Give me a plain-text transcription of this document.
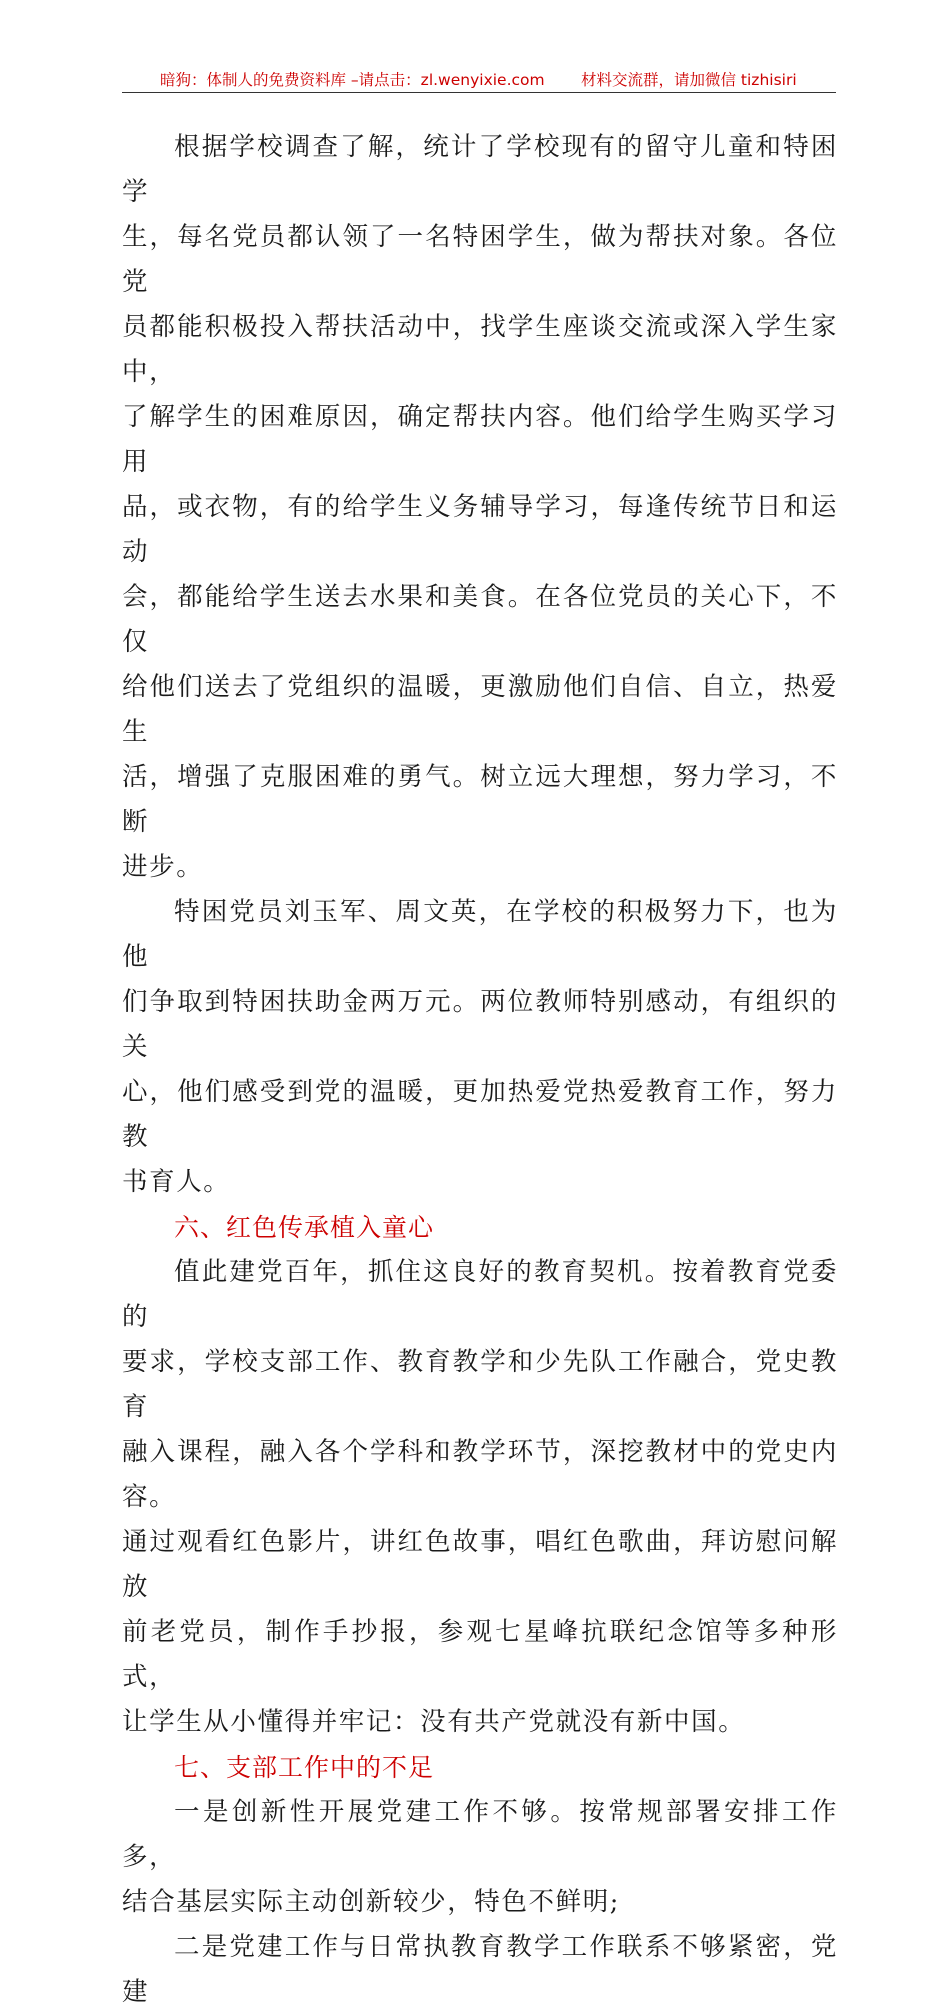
暗狗：体制人的免费资料库 –请点击：zl.wenyixie.com 材料交流群，请加微信 tizhisiri

根据学校调查了解，统计了学校现有的留守儿童和特困学
生，每名党员都认领了一名特困学生，做为帮扶对象。各位党
员都能积极投入帮扶活动中，找学生座谈交流或深入学生家中，
了解学生的困难原因，确定帮扶内容。他们给学生购买学习用
品，或衣物，有的给学生义务辅导学习，每逢传统节日和运动
会，都能给学生送去水果和美食。在各位党员的关心下，不仅
给他们送去了党组织的温暖，更激励他们自信、自立，热爱生
活，增强了克服困难的勇气。树立远大理想，努力学习，不断
进步。

特困党员刘玉军、周文英，在学校的积极努力下，也为他
们争取到特困扶助金两万元。两位教师特别感动，有组织的关
心，他们感受到党的温暖，更加热爱党热爱教育工作，努力教
书育人。

六、红色传承植入童心

值此建党百年，抓住这良好的教育契机。按着教育党委的
要求，学校支部工作、教育教学和少先队工作融合，党史教育
融入课程，融入各个学科和教学环节，深挖教材中的党史内容。
通过观看红色影片，讲红色故事，唱红色歌曲，拜访慰问解放
前老党员，制作手抄报，参观七星峰抗联纪念馆等多种形式，
让学生从小懂得并牢记：没有共产党就没有新中国。

七、支部工作中的不足

一是创新性开展党建工作不够。按常规部署安排工作多，
结合基层实际主动创新较少，特色不鲜明;

二是党建工作与日常执教育教学工作联系不够紧密，党建
